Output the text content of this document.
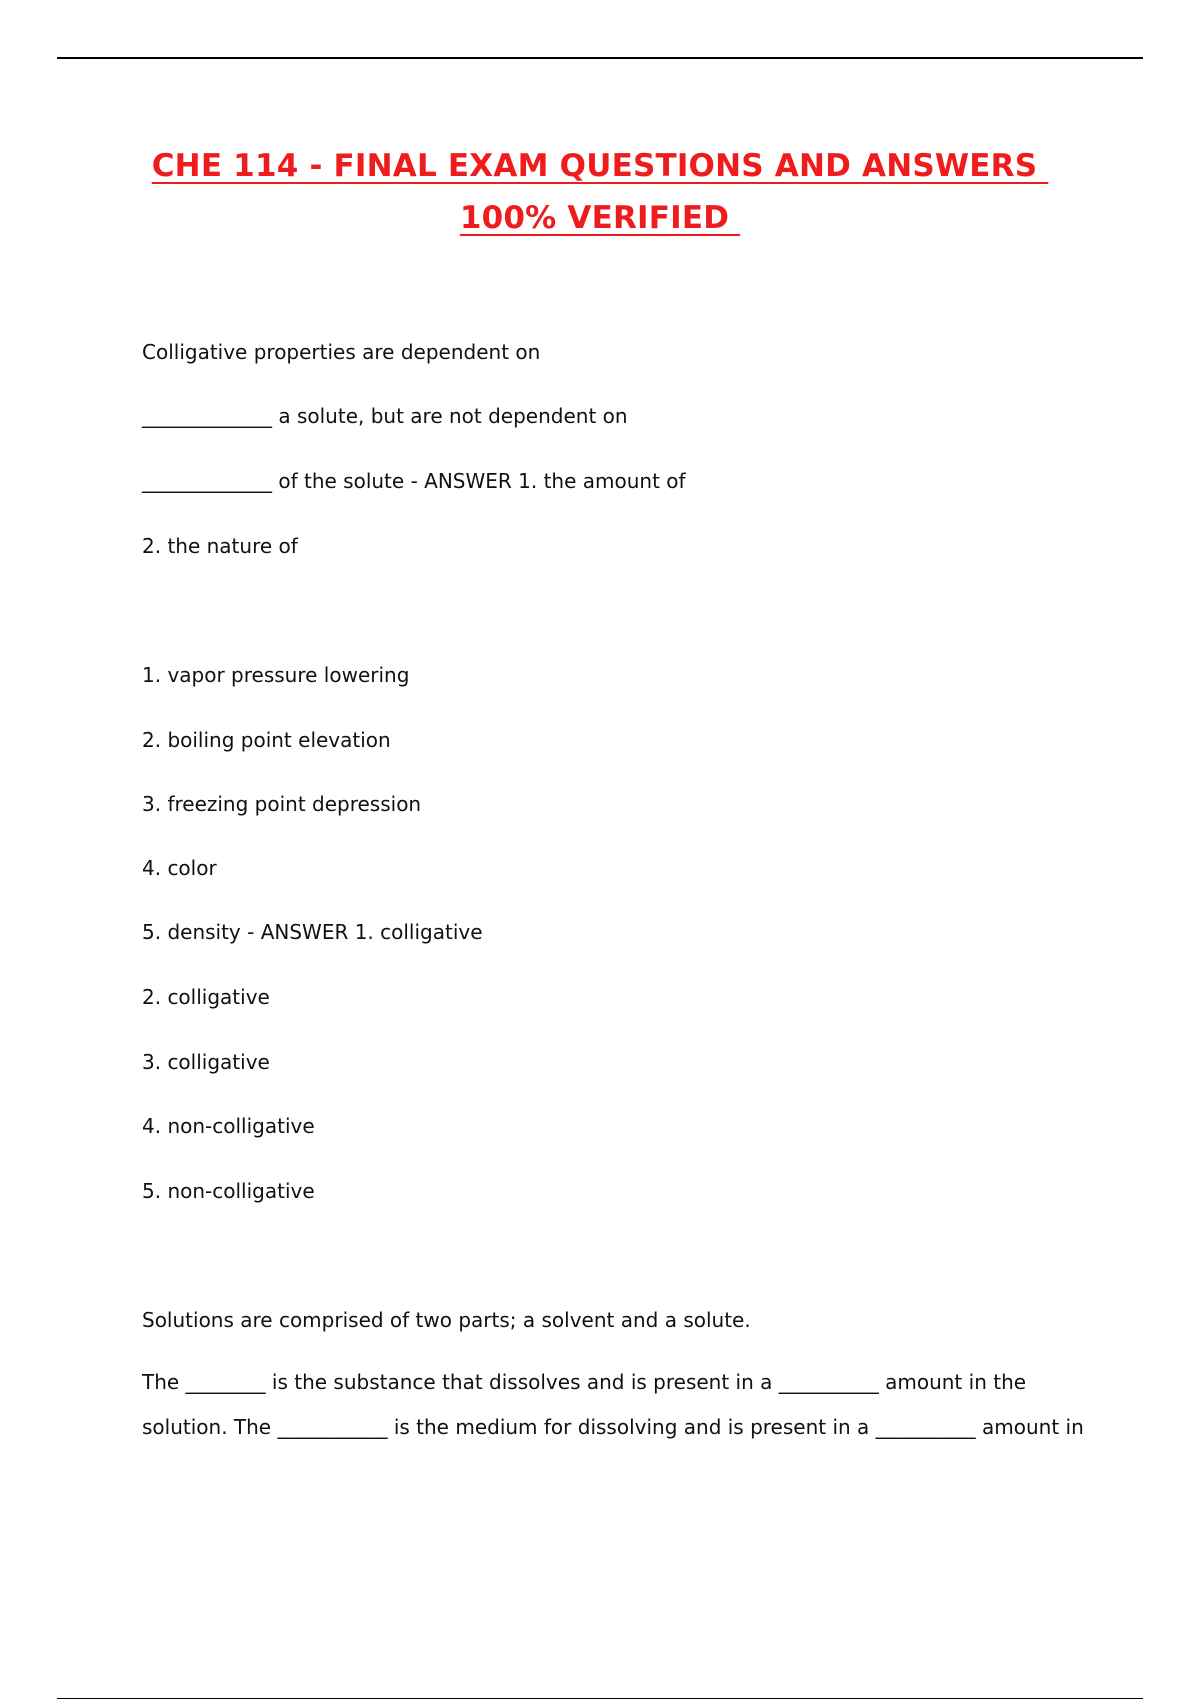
CHE 114 - FINAL EXAM QUESTIONS AND ANSWERS
100% VERIFIED
Colligative properties are dependent on
_____________ a solute, but are not dependent on
_____________ of the solute - ANSWER 1. the amount of
2. the nature of
1. vapor pressure lowering
2. boiling point elevation
3. freezing point depression
4. color
5. density - ANSWER 1. colligative
2. colligative
3. colligative
4. non-colligative
5. non-colligative
Solutions are comprised of two parts; a solvent and a solute.
The ________ is the substance that dissolves and is present in a __________ amount in the
solution. The ___________ is the medium for dissolving and is present in a __________ amount in
